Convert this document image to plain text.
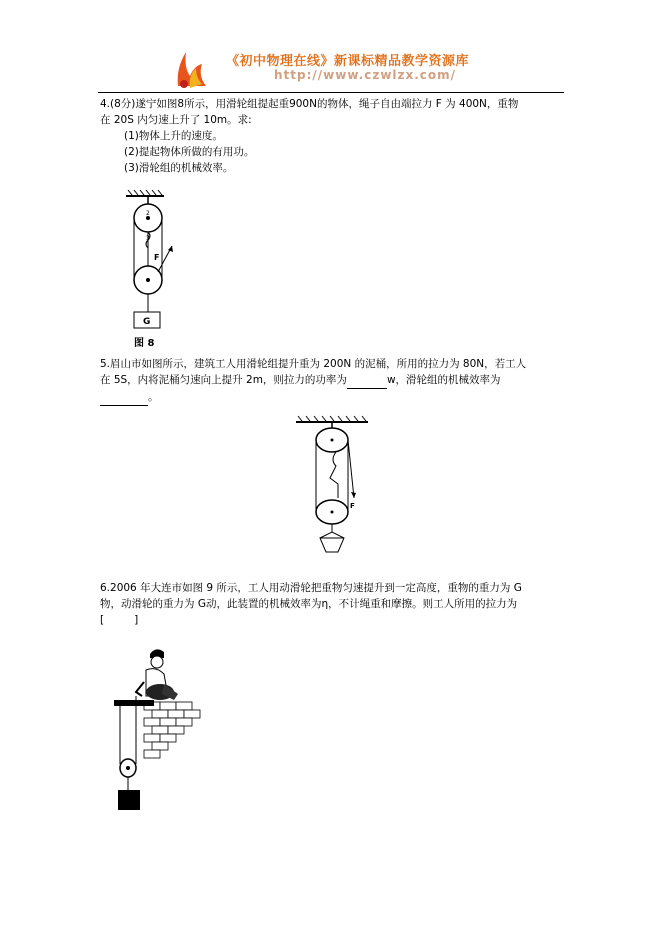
《初中物理在线》新课标精品教学资源库
http://www.czwlzx.com/

4.(8分)遂宁如图8所示，用滑轮组提起重900N的物体，绳子自由端拉力 F 为 400N，重物

在 20S 内匀速上升了 10m。求:

(1)物体上升的速度。

(2)提起物体所做的有用功。

(3)滑轮组的机械效率。

F
2
3
G
图 8

5.眉山市如图所示，建筑工人用滑轮组提升重为 200N 的泥桶，所用的拉力为 80N，若工人

在 5S，内将泥桶匀速向上提升 2m，则拉力的功率为	w，滑轮组的机械效率为

。

F

6.2006 年大连市如图 9 所示，工人用动滑轮把重物匀速提升到一定高度，重物的重力为 G

物，动滑轮的重力为 G动，此装置的机械效率为η，不计绳重和摩擦。则工人所用的拉力为

[	]
